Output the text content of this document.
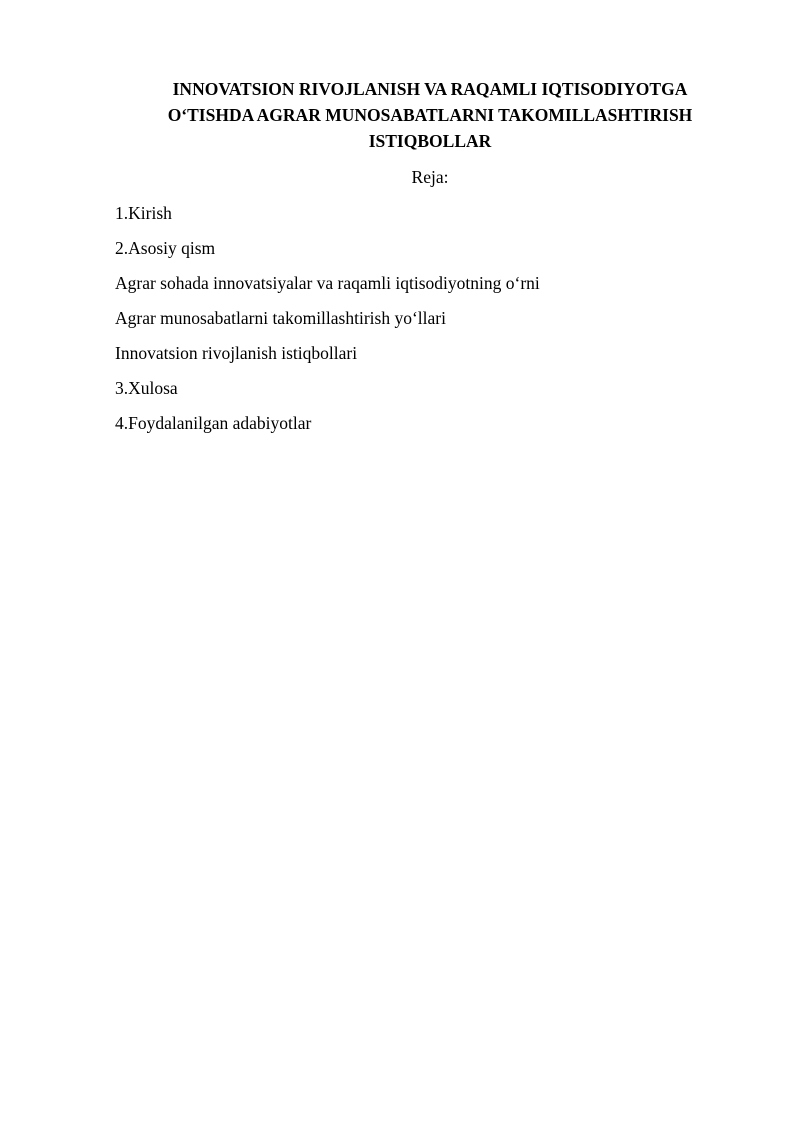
INNOVATSION RIVOJLANISH VA RAQAMLI IQTISODIYOTGA
O‘TISHDA AGRAR MUNOSABATLARNI TAKOMILLASHTIRISH
ISTIQBOLLAR

Reja:

1.Kirish
2.Asosiy qism
Agrar sohada innovatsiyalar va raqamli iqtisodiyotning o‘rni
Agrar munosabatlarni takomillashtirish yo‘llari
Innovatsion rivojlanish istiqbollari
3.Xulosa
4.Foydalanilgan adabiyotlar
